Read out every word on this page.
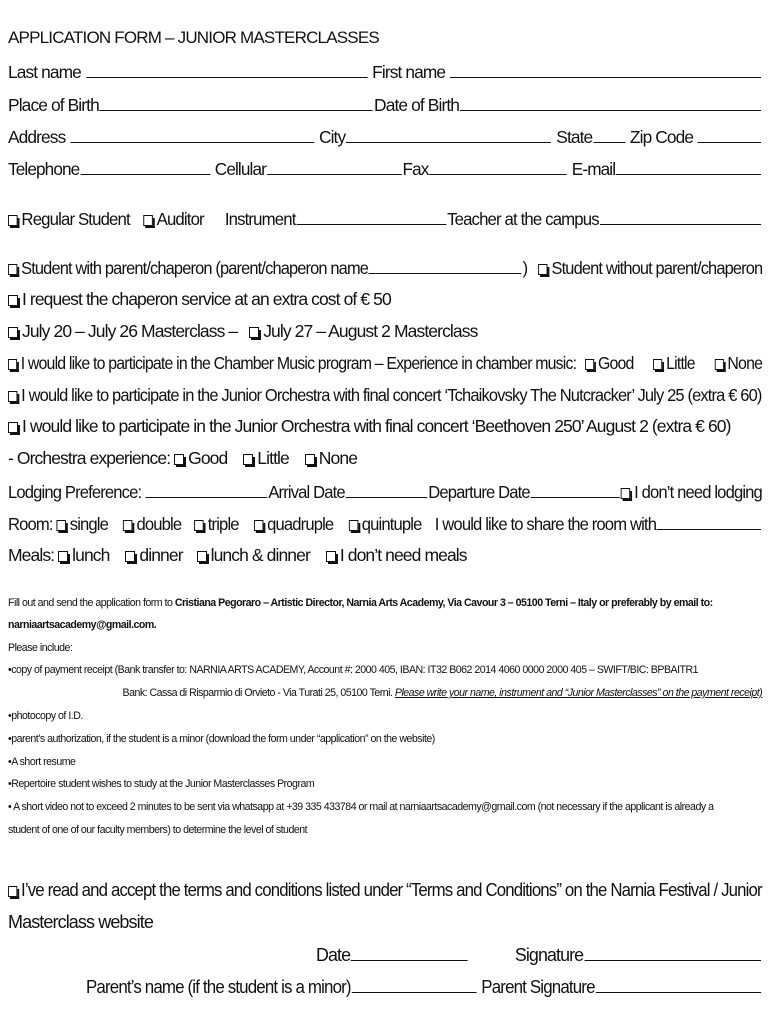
APPLICATION FORM – JUNIOR MASTERCLASSES
Last name	First name
Place of Birth	Date of Birth
Address	City	State Zip Code
Telephone	Cellular	Fax	E-mail
Regular Student Auditor Instrument	Teacher at the campus
Student with parent/chaperon (parent/chaperon name	) Student without parent/chaperon
I request the chaperon service at an extra cost of € 50
July 20 – July 26 Masterclass – July 27 – August 2 Masterclass
I would like to participate in the Chamber Music program – Experience in chamber music: Good Little None
I would like to participate in the Junior Orchestra with final concert ‘Tchaikovsky The Nutcracker’ July 25 (extra € 60)
I would like to participate in the Junior Orchestra with final concert ‘Beethoven 250’ August 2 (extra € 60)
- Orchestra experience: Good Little None
Lodging Preference:	Arrival Date	Departure Date	I don’t need lodging
Room: single double triple quadruple quintuple I would like to share the room with
Meals: lunch dinner lunch & dinner I don’t need meals
Fill out and send the application form to Cristiana Pegoraro – Artistic Director, Narnia Arts Academy, Via Cavour 3 – 05100 Terni – Italy or preferably by email to:
narniaartsacademy@gmail.com.
Please include:
•copy of payment receipt (Bank transfer to: NARNIA ARTS ACADEMY, Account #: 2000 405, IBAN: IT32 B062 2014 4060 0000 2000 405 – SWIFT/BIC: BPBAITR1
Bank: Cassa di Risparmio di Orvieto - Via Turati 25, 05100 Terni. Please write your name, instrument and “Junior Masterclasses” on the payment receipt)
•photocopy of I.D.
•parent’s authorization, if the student is a minor (download the form under “application” on the website)
•A short resume
•Repertoire student wishes to study at the Junior Masterclasses Program
• A short video not to exceed 2 minutes to be sent via whatsapp at +39 335 433784 or mail at narniaartsacademy@gmail.com (not necessary if the applicant is already a
student of one of our faculty members) to determine the level of student
I’ve read and accept the terms and conditions listed under “Terms and Conditions” on the Narnia Festival / Junior
Masterclass website
Date	Signature
Parent’s name (if the student is a minor)	Parent Signature
